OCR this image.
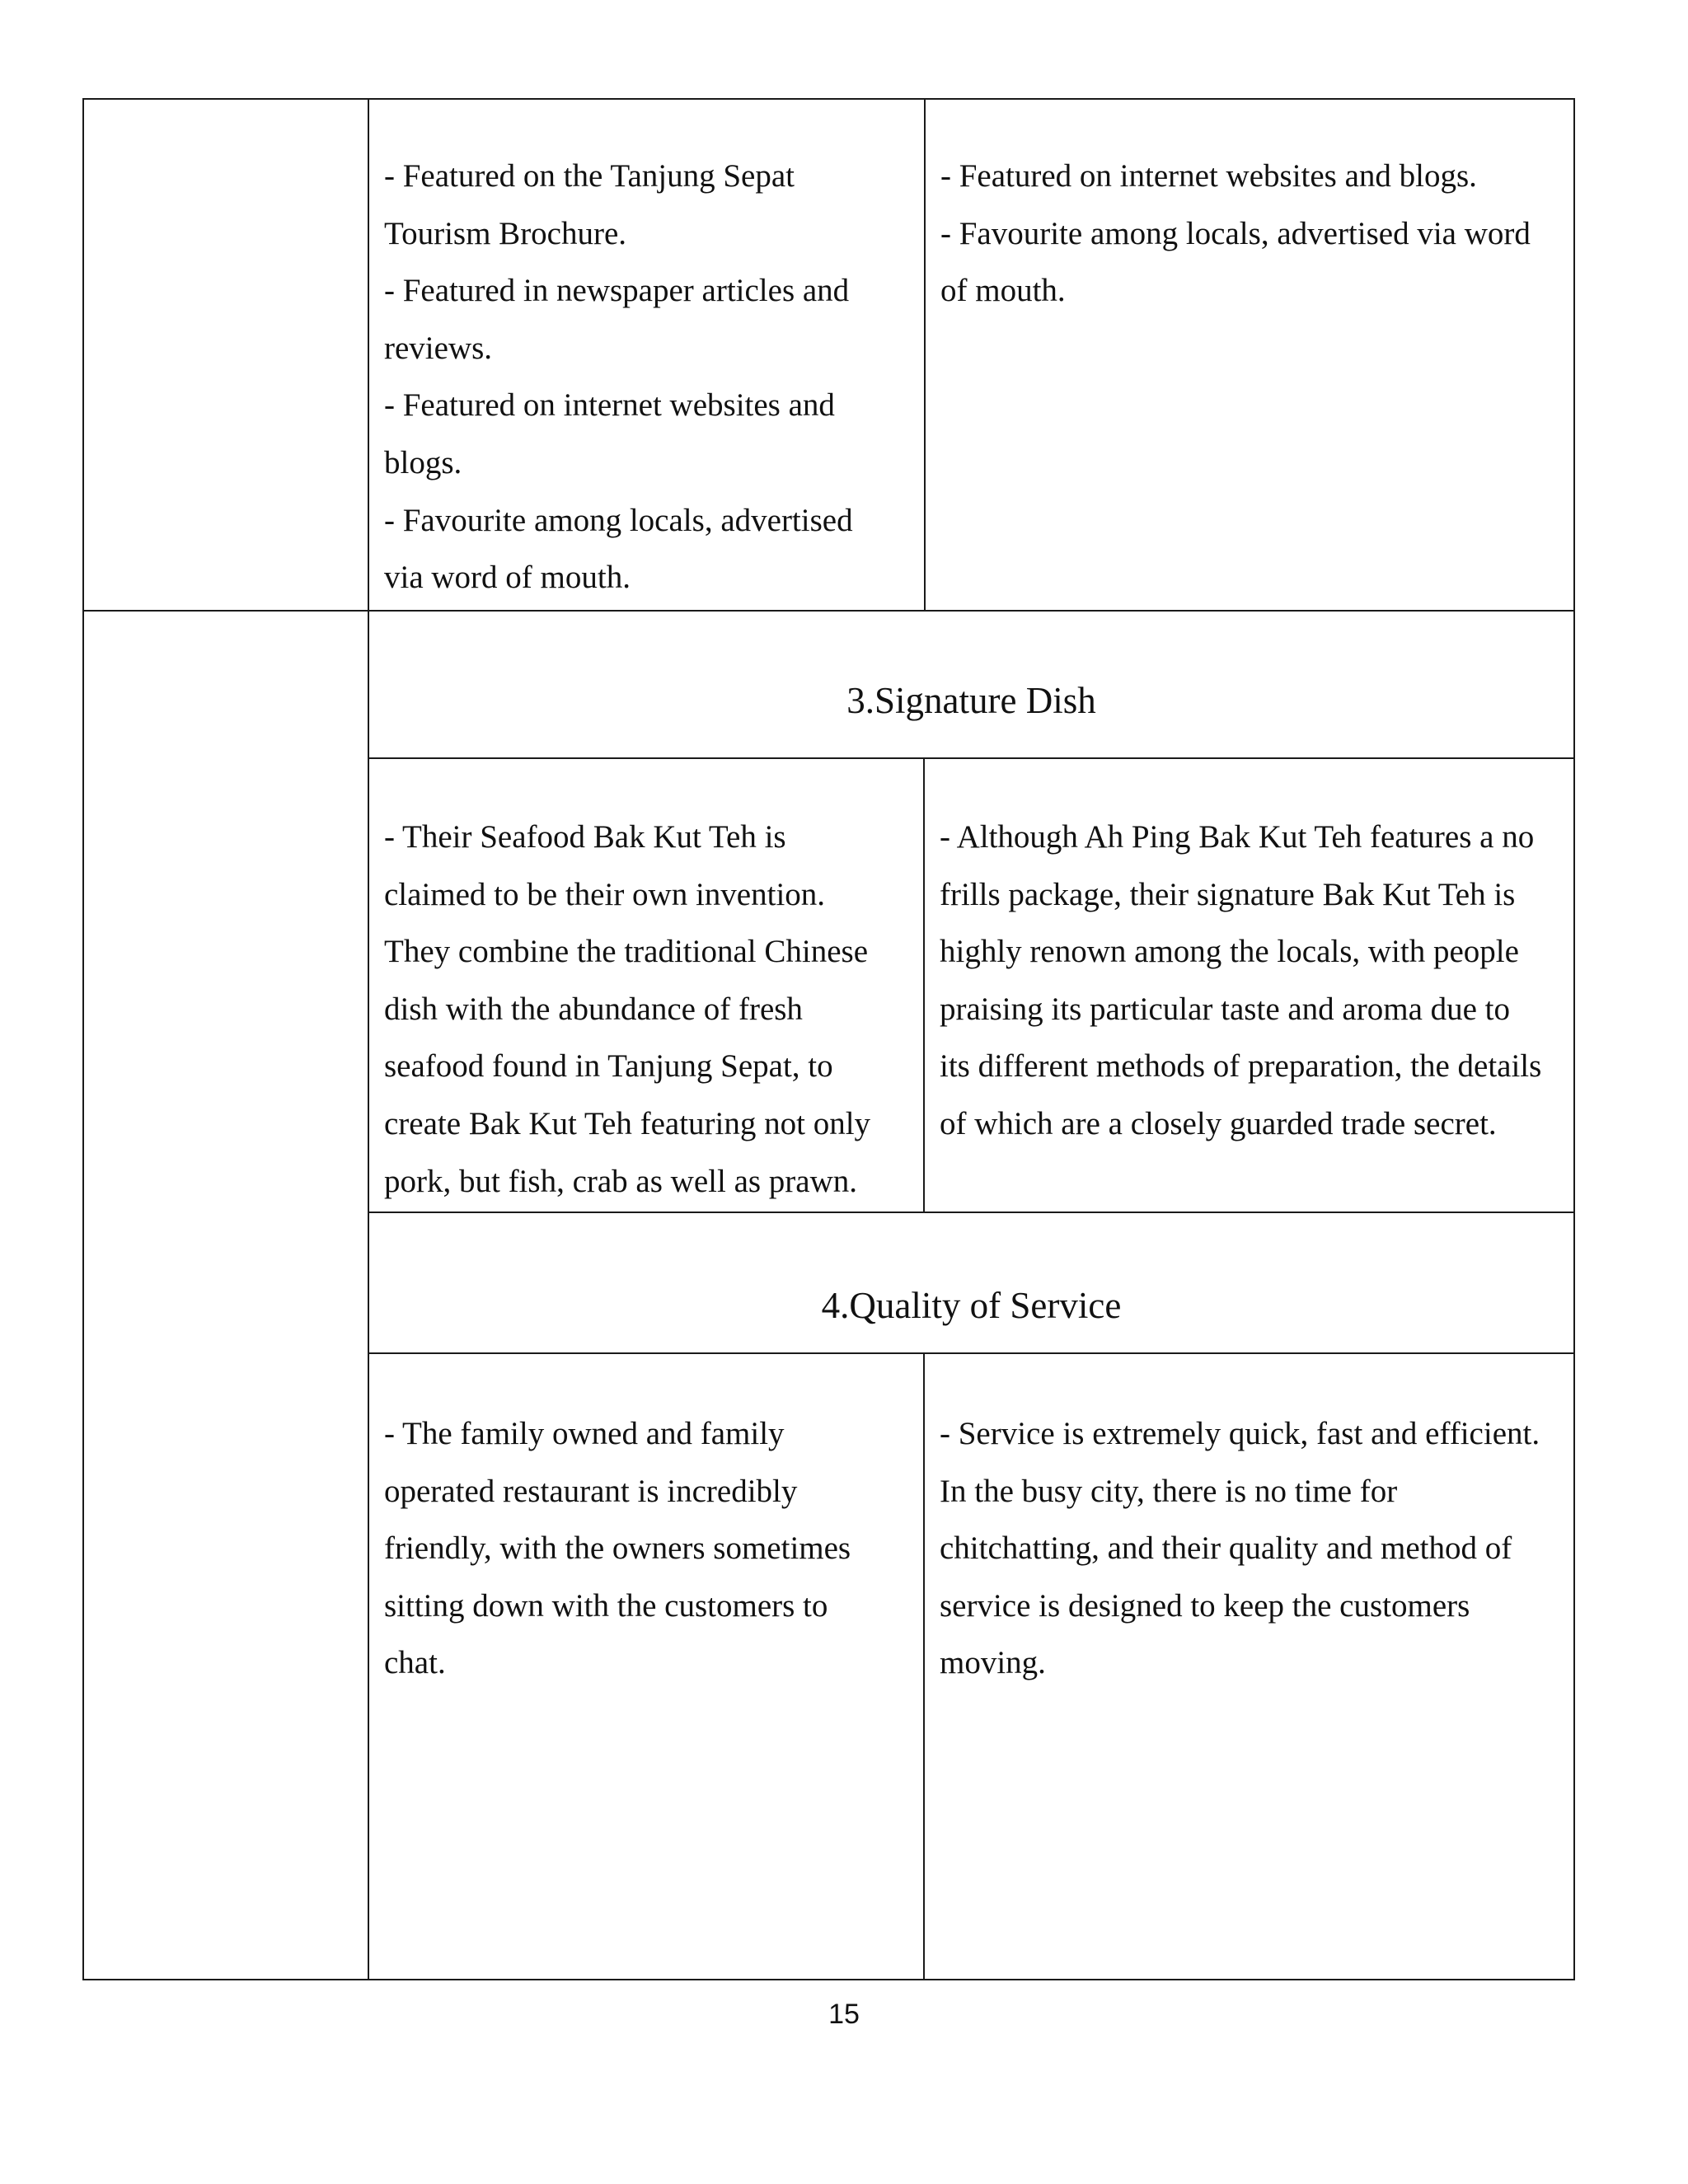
- Featured on the Tanjung Sepat
Tourism Brochure.
- Featured in newspaper articles and
reviews.
- Featured on internet websites and
blogs.
- Favourite among locals, advertised
via word of mouth.
- Featured on internet websites and blogs.
- Favourite among locals, advertised via word
of mouth.
3.Signature Dish
- Their Seafood Bak Kut Teh is
claimed to be their own invention.
They combine the traditional Chinese
dish with the abundance of fresh
seafood found in Tanjung Sepat, to
create Bak Kut Teh featuring not only
pork, but fish, crab as well as prawn.
- Although Ah Ping Bak Kut Teh features a no
frills package, their signature Bak Kut Teh is
highly renown among the locals, with people
praising its particular taste and aroma due to
its different methods of preparation, the details
of which are a closely guarded trade secret.
4.Quality of Service
- The family owned and family
operated restaurant is incredibly
friendly, with the owners sometimes
sitting down with the customers to
chat.
- Service is extremely quick, fast and efficient.
In the busy city, there is no time for
chitchatting, and their quality and method of
service is designed to keep the customers
moving.
15
